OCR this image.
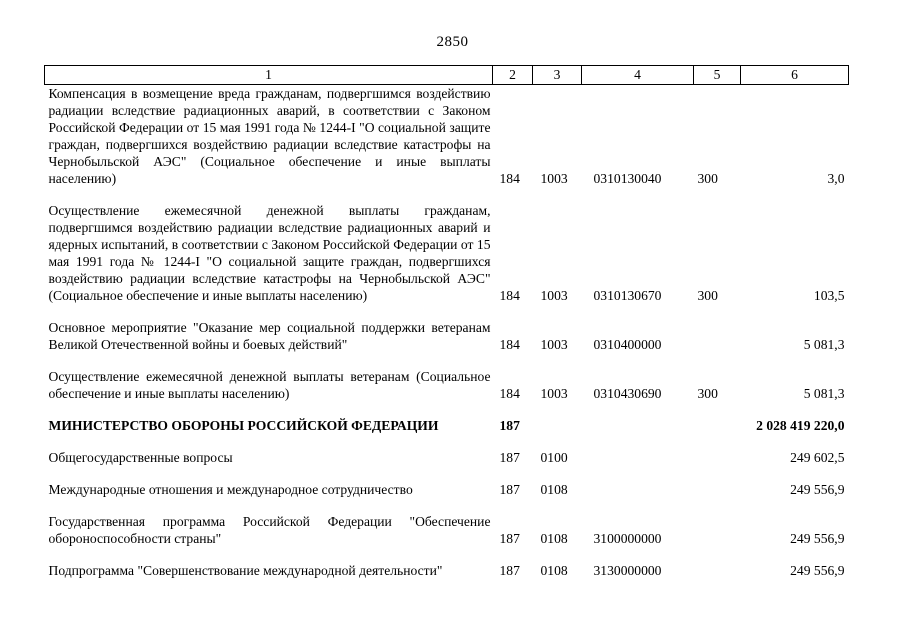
2850
1	2	3	4	5	6
Компенсация в возмещение вреда гражданам, подвергшимся воздействию радиации вследствие радиационных аварий, в соответствии с Законом Российской Федерации от 15 мая 1991 года № 1244-I "О социальной защите граждан, подвергшихся воздействию радиации вследствие катастрофы на Чернобыльской АЭС" (Социальное обеспечение и иные выплаты населению)	184	1003	0310130040	300	3,0

Осуществление ежемесячной денежной выплаты гражданам, подвергшимся воздействию радиации вследствие радиационных аварий и ядерных испытаний, в соответствии с Законом Российской Федерации от 15 мая 1991 года № 1244-I "О социальной защите граждан, подвергшихся воздействию радиации вследствие катастрофы на Чернобыльской АЭС" (Социальное обеспечение и иные выплаты населению)	184	1003	0310130670	300	103,5

Основное мероприятие "Оказание мер социальной поддержки ветеранам Великой Отечественной войны и боевых действий"	184	1003	0310400000		5 081,3

Осуществление ежемесячной денежной выплаты ветеранам (Социальное обеспечение и иные выплаты населению)	184	1003	0310430690	300	5 081,3

МИНИСТЕРСТВО ОБОРОНЫ РОССИЙСКОЙ ФЕДЕРАЦИИ	187				2 028 419 220,0

Общегосударственные вопросы	187	0100			249 602,5

Международные отношения и международное сотрудничество	187	0108			249 556,9

Государственная программа Российской Федерации "Обеспечение обороноспособности страны"	187	0108	3100000000		249 556,9

Подпрограмма "Совершенствование международной деятельности"	187	0108	3130000000		249 556,9
